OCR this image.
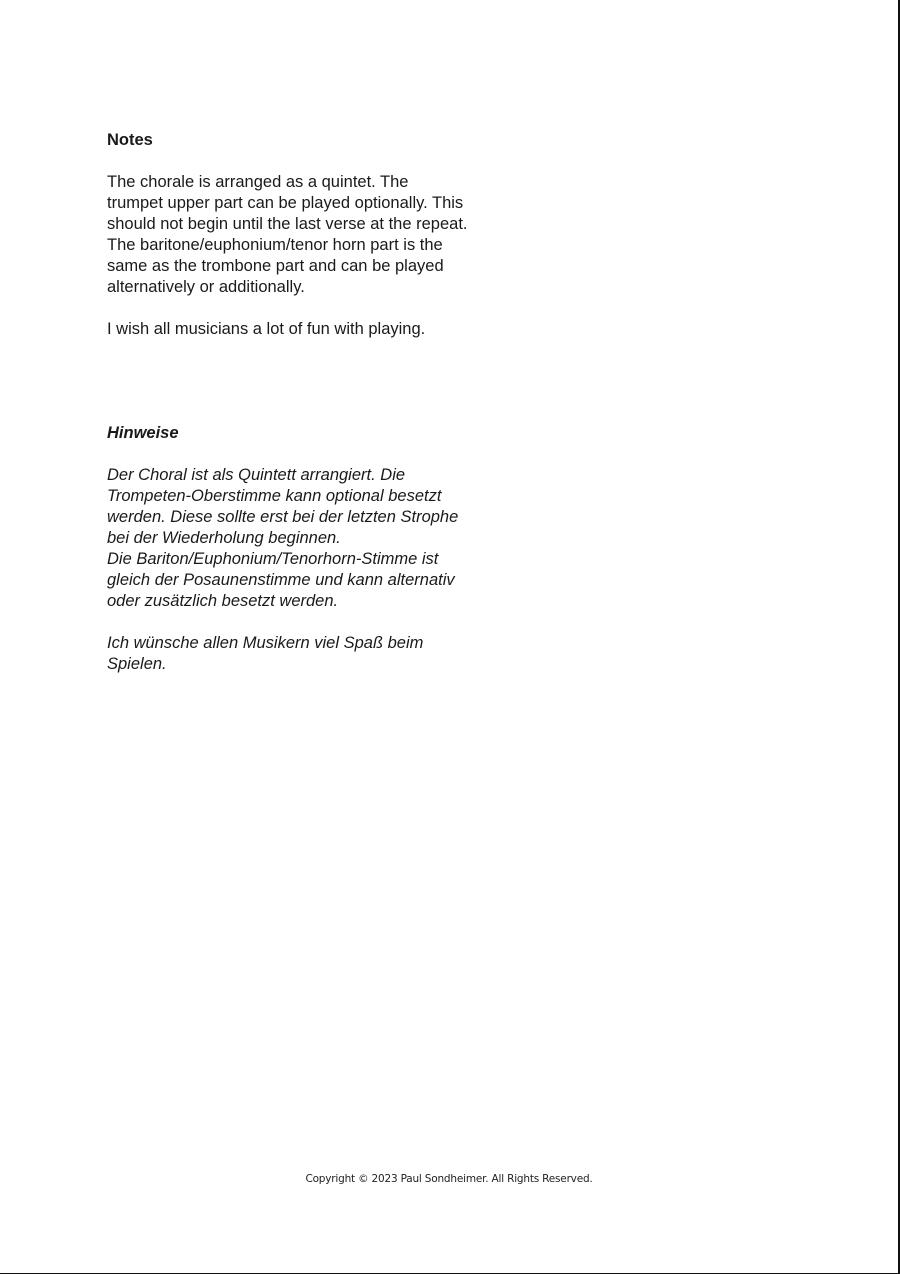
Notes

The chorale is arranged as a quintet. The
trumpet upper part can be played optionally. This
should not begin until the last verse at the repeat.
The baritone/euphonium/tenor horn part is the
same as the trombone part and can be played
alternatively or additionally.

I wish all musicians a lot of fun with playing.

Hinweise

Der Choral ist als Quintett arrangiert. Die
Trompeten-Oberstimme kann optional besetzt
werden. Diese sollte erst bei der letzten Strophe
bei der Wiederholung beginnen.
Die Bariton/Euphonium/Tenorhorn-Stimme ist
gleich der Posaunenstimme und kann alternativ
oder zusätzlich besetzt werden.

Ich wünsche allen Musikern viel Spaß beim
Spielen.

Copyright © 2023 Paul Sondheimer. All Rights Reserved.
